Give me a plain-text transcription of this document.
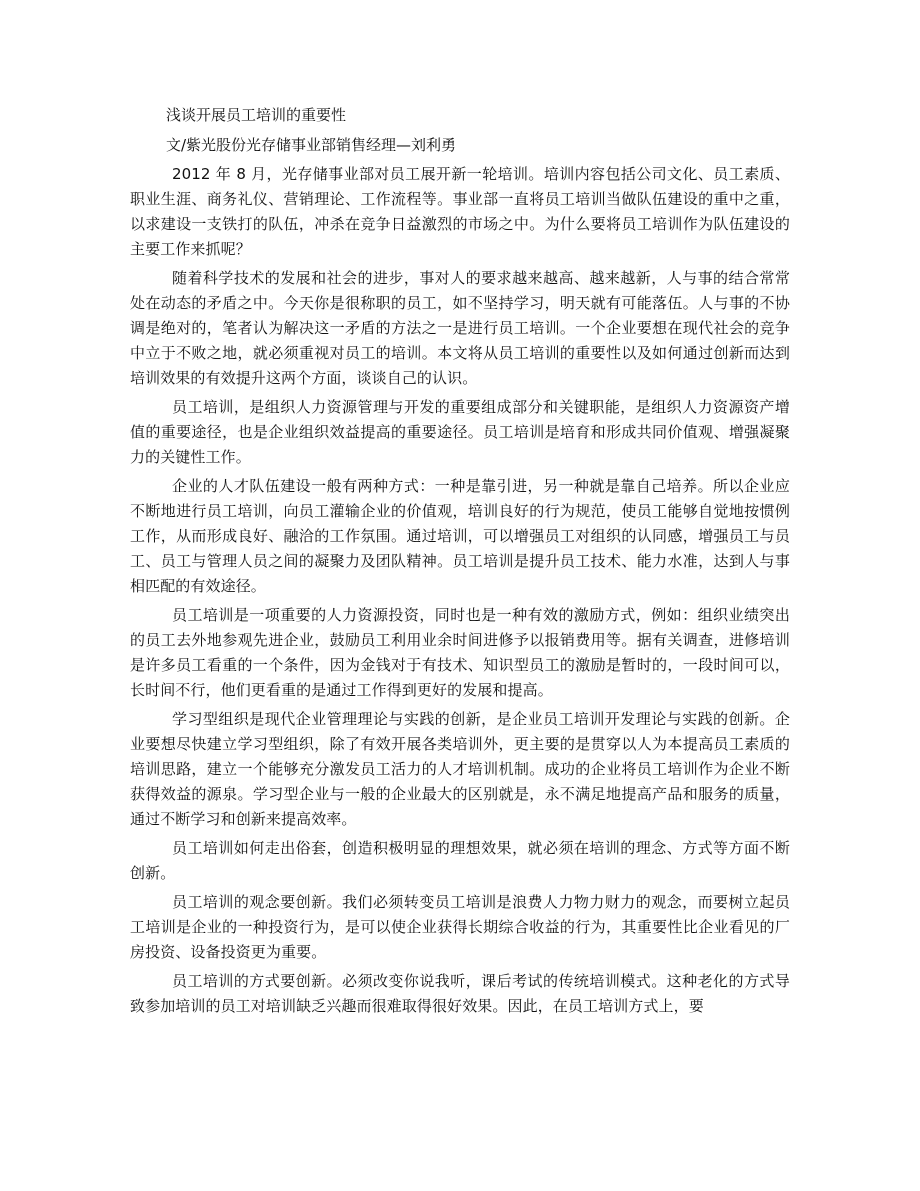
浅谈开展员工培训的重要性
文/紫光股份光存储事业部销售经理—刘利勇

2012 年 8 月，光存储事业部对员工展开新一轮培训。培训内容包括公司文化、员工素质、职业生涯、商务礼仪、营销理论、工作流程等。事业部一直将员工培训当做队伍建设的重中之重，以求建设一支铁打的队伍，冲杀在竞争日益激烈的市场之中。为什么要将员工培训作为队伍建设的主要工作来抓呢？

随着科学技术的发展和社会的进步，事对人的要求越来越高、越来越新，人与事的结合常常处在动态的矛盾之中。今天你是很称职的员工，如不坚持学习，明天就有可能落伍。人与事的不协调是绝对的，笔者认为解决这一矛盾的方法之一是进行员工培训。一个企业要想在现代社会的竞争中立于不败之地，就必须重视对员工的培训。本文将从员工培训的重要性以及如何通过创新而达到培训效果的有效提升这两个方面，谈谈自己的认识。

员工培训，是组织人力资源管理与开发的重要组成部分和关键职能，是组织人力资源资产增值的重要途径，也是企业组织效益提高的重要途径。员工培训是培育和形成共同价值观、增强凝聚力的关键性工作。

企业的人才队伍建设一般有两种方式：一种是靠引进，另一种就是靠自己培养。所以企业应不断地进行员工培训，向员工灌输企业的价值观，培训良好的行为规范，使员工能够自觉地按惯例工作，从而形成良好、融洽的工作氛围。通过培训，可以增强员工对组织的认同感，增强员工与员工、员工与管理人员之间的凝聚力及团队精神。员工培训是提升员工技术、能力水准，达到人与事相匹配的有效途径。

员工培训是一项重要的人力资源投资，同时也是一种有效的激励方式，例如：组织业绩突出的员工去外地参观先进企业，鼓励员工利用业余时间进修予以报销费用等。据有关调查，进修培训是许多员工看重的一个条件，因为金钱对于有技术、知识型员工的激励是暂时的，一段时间可以，长时间不行，他们更看重的是通过工作得到更好的发展和提高。

学习型组织是现代企业管理理论与实践的创新，是企业员工培训开发理论与实践的创新。企业要想尽快建立学习型组织，除了有效开展各类培训外，更主要的是贯穿以人为本提高员工素质的培训思路，建立一个能够充分激发员工活力的人才培训机制。成功的企业将员工培训作为企业不断获得效益的源泉。学习型企业与一般的企业最大的区别就是，永不满足地提高产品和服务的质量，通过不断学习和创新来提高效率。

员工培训如何走出俗套，创造积极明显的理想效果，就必须在培训的理念、方式等方面不断创新。

员工培训的观念要创新。我们必须转变员工培训是浪费人力物力财力的观念，而要树立起员工培训是企业的一种投资行为，是可以使企业获得长期综合收益的行为，其重要性比企业看见的厂房投资、设备投资更为重要。

员工培训的方式要创新。必须改变你说我听，课后考试的传统培训模式。这种老化的方式导致参加培训的员工对培训缺乏兴趣而很难取得很好效果。因此，在员工培训方式上，要
